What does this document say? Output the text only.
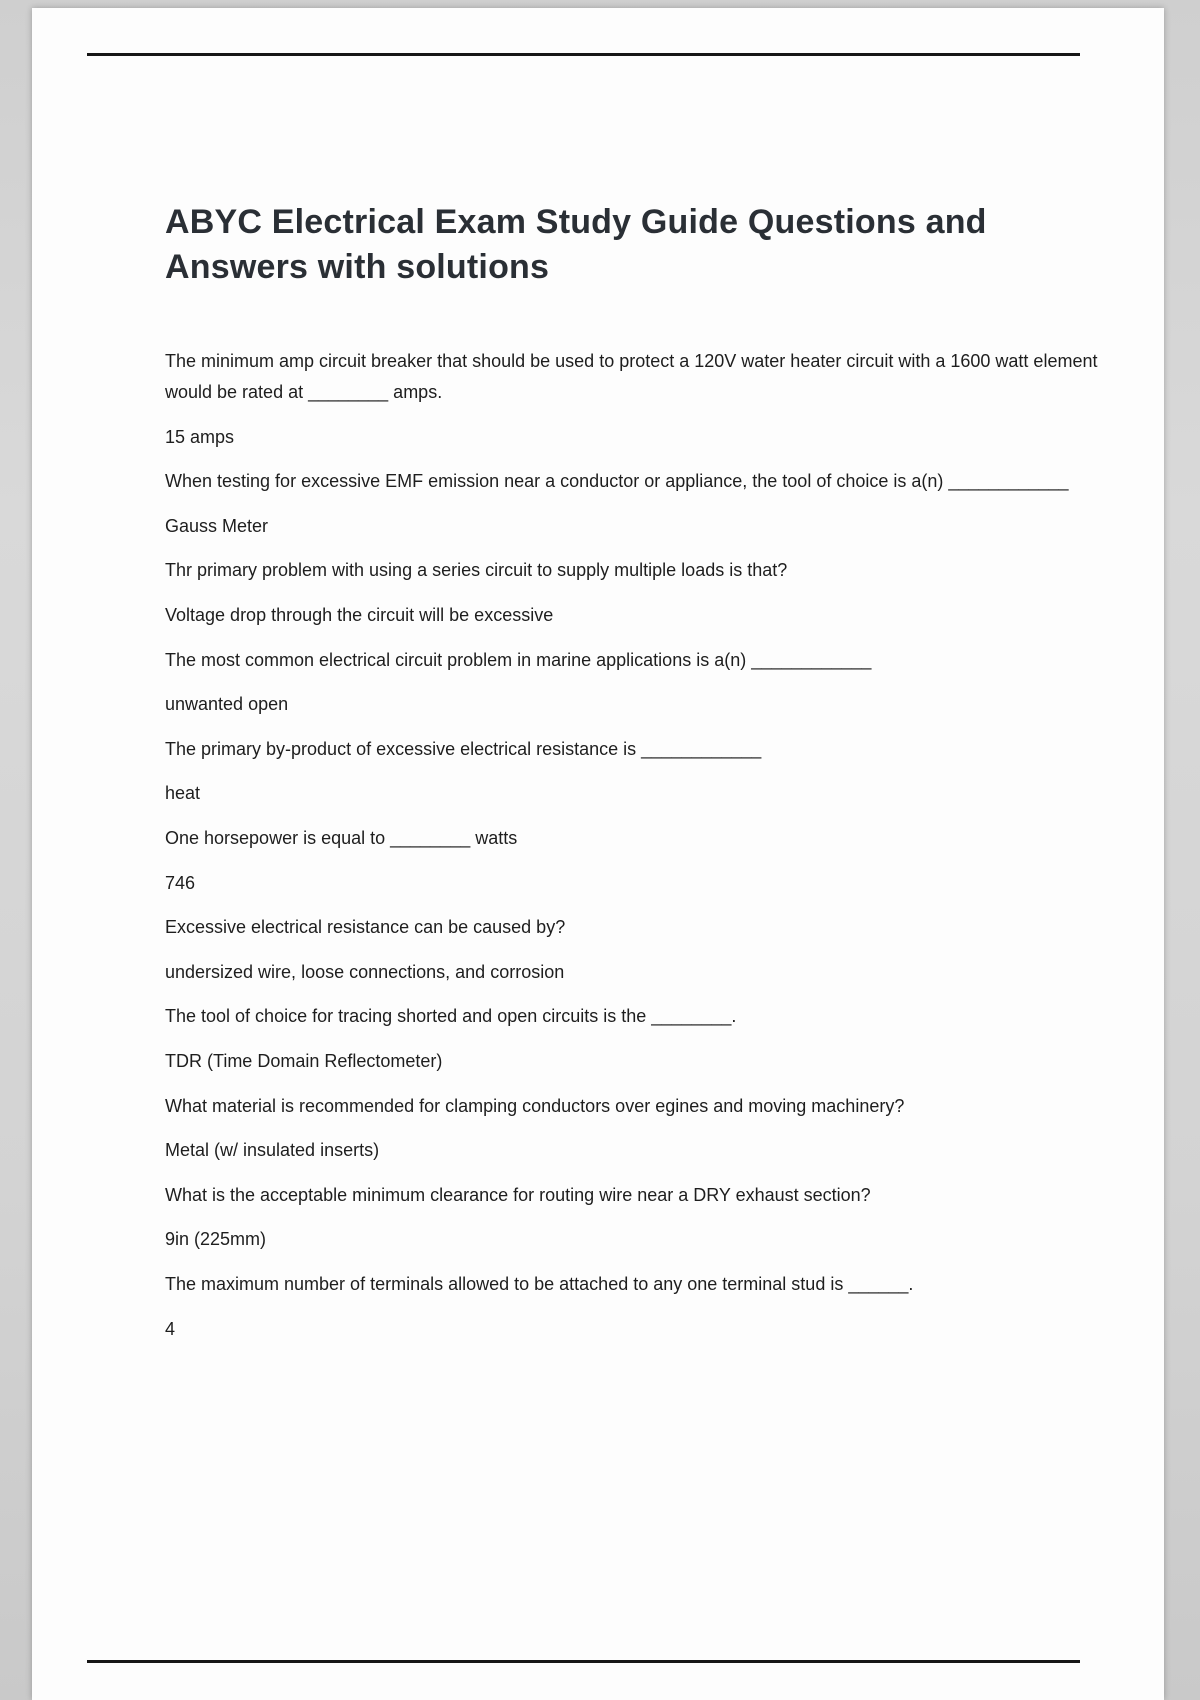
ABYC Electrical Exam Study Guide Questions and Answers with solutions

The minimum amp circuit breaker that should be used to protect a 120V water heater circuit with a 1600 watt element would be rated at ________ amps.

15 amps

When testing for excessive EMF emission near a conductor or appliance, the tool of choice is a(n) ____________

Gauss Meter

Thr primary problem with using a series circuit to supply multiple loads is that?

Voltage drop through the circuit will be excessive

The most common electrical circuit problem in marine applications is a(n) ____________

unwanted open

The primary by-product of excessive electrical resistance is ____________

heat

One horsepower is equal to ________ watts

746

Excessive electrical resistance can be caused by?

undersized wire, loose connections, and corrosion

The tool of choice for tracing shorted and open circuits is the ________.

TDR (Time Domain Reflectometer)

What material is recommended for clamping conductors over egines and moving machinery?

Metal (w/ insulated inserts)

What is the acceptable minimum clearance for routing wire near a DRY exhaust section?

9in (225mm)

The maximum number of terminals allowed to be attached to any one terminal stud is ______.

4
